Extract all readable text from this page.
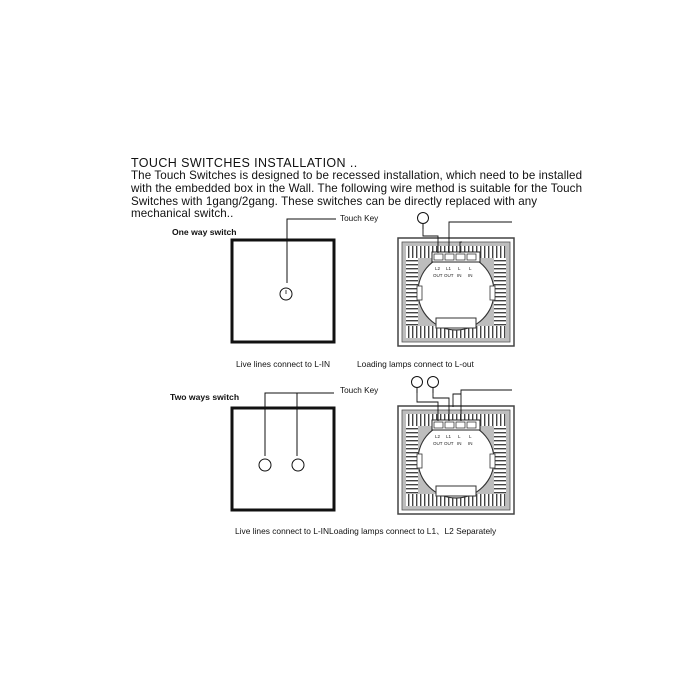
TOUCH SWITCHES INSTALLATION ..
The Touch Switches is designed to be recessed installation, which need to be installed
with the embedded box in the Wall. The following wire method is suitable for the Touch
Switches with 1gang/2gang. These switches can be directly replaced with any
mechanical switch..
One way switch
Touch Key
Live lines connect to L-IN	Loading lamps connect to L-out
Two ways switch
Touch Key
Live lines connect to L-INLoading lamps connect to L1、L2 Separately
L2 L1 L L
OUT OUT IN IN
L2 L1 L L
OUT OUT IN IN
